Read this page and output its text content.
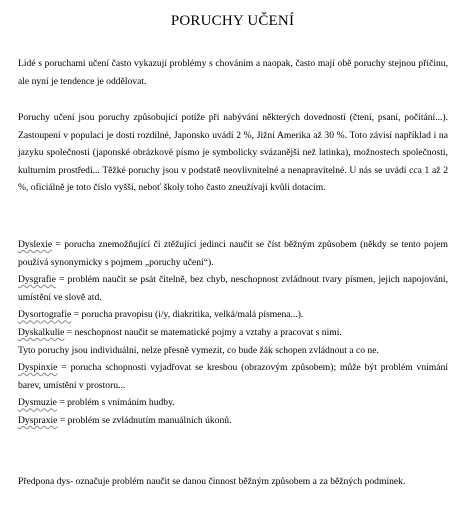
PORUCHY UČENÍ

Lidé s poruchami učení často vykazují problémy s chováním a naopak, často mají obě poruchy stejnou příčinu, ale nyní je tendence je oddělovat.

Poruchy učení jsou poruchy způsobující potíže při nabývání některých dovedností (čtení, psaní, počítání...). Zastoupení v populaci je dosti rozdílné, Japonsko uvádí 2 %, Jižní Amerika až 30 %. Toto závisí například i na jazyku společnosti (japonské obrázkové písmo je symbolicky svázanější než latinka), možnostech společnosti, kulturním prostředí... Těžké poruchy jsou v podstatě neovlivnitelné a nenapravitelné. U nás se uvádí cca 1 až 2 %, oficiálně je toto číslo vyšší, neboť školy toho často zneužívají kvůli dotacím.

Dyslexie = porucha znemožňující či ztěžující jedinci naučit se číst běžným způsobem (někdy se tento pojem používá synonymicky s pojmem „poruchy učení“).
Dysgrafie = problém naučit se psát čitelně, bez chyb, neschopnost zvládnout tvary písmen, jejich napojování, umístění ve slově atd.
Dysortografie = porucha pravopisu (i/y, diakritika, velká/malá písmena...).
Dyskalkulie = neschopnost naučit se matematické pojmy a vztahy a pracovat s nimi.
Tyto poruchy jsou individuální, nelze přesně vymezit, co bude žák schopen zvládnout a co ne.
Dyspinxie = porucha schopnosti vyjadřovat se kresbou (obrazovým způsobem); může být problém vnímání barev, umístění v prostoru...
Dysmuzie = problém s vnímáním hudby.
Dyspraxie = problém se zvládnutím manuálních úkonů.

Předpona dys- označuje problém naučit se danou činnost běžným způsobem a za běžných podmínek.
